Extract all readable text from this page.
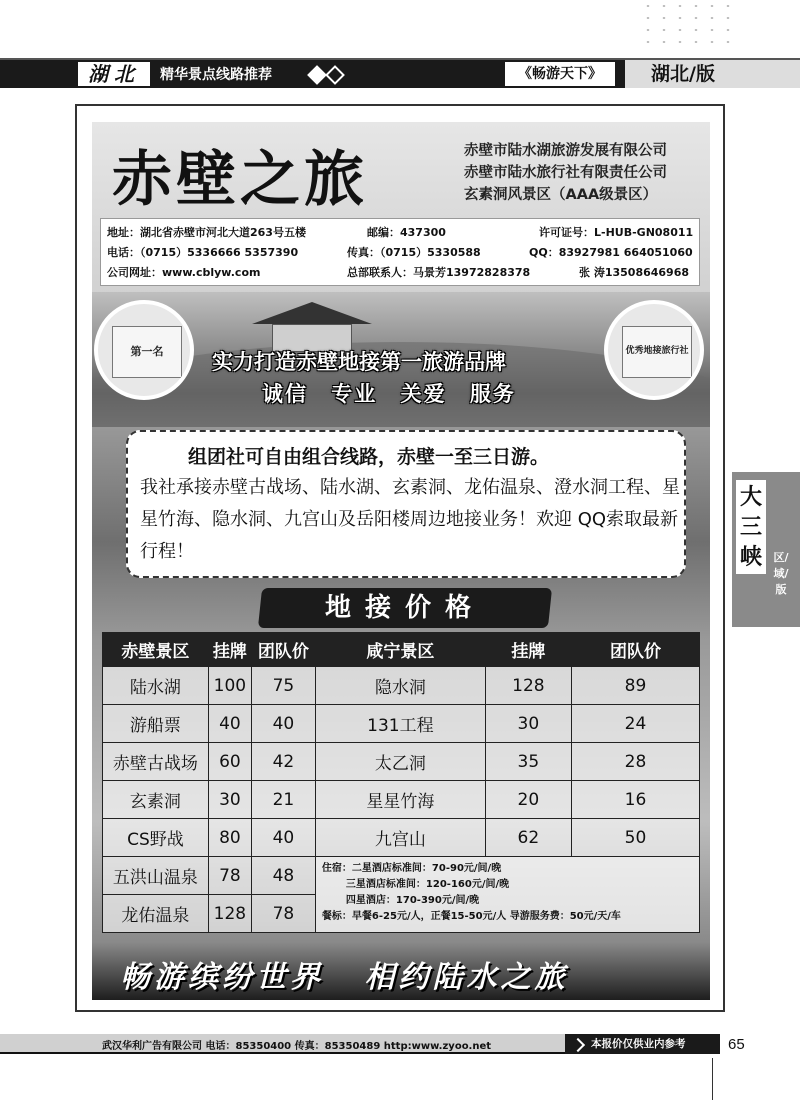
湖北	精华景点线路推荐	《畅游天下》	湖北/版
赤壁之旅	赤壁市陆水湖旅游发展有限公司
赤壁市陆水旅行社有限责任公司
玄素洞风景区（AAA级景区）
地址：湖北省赤壁市河北大道263号五楼	邮编：437300	许可证号：L-HUB-GN08011
电话：（0715）5336666 5357390	传真：（0715）5330588	QQ：83927981 664051060
公司网址：www.cblyw.com	总部联系人：马景芳13972828378	张 涛13508646968
第一名	优秀地接旅行社
实力打造赤壁地接第一旅游品牌
诚信 专业 关爱 服务
组团社可自由组合线路，赤壁一至三日游。
我社承接赤壁古战场、陆水湖、玄素洞、龙佑温泉、澄水洞工程、星星竹海、隐水洞、九宫山及岳阳楼周边地接业务！欢迎 QQ索取最新行程！
地接价格
赤壁景区	挂牌	团队价	咸宁景区	挂牌	团队价
陆水湖	100	75	隐水洞	128	89
游船票	40	40	131工程	30	24
赤壁古战场	60	42	太乙洞	35	28
玄素洞	30	21	星星竹海	20	16
CS野战	80	40	九宫山	62	50
五洪山温泉	78	48	住宿：二星酒店标准间：70-90元/间/晚
三星酒店标准间：120-160元/间/晚
四星酒店：170-390元/间/晚
餐标：早餐6-25元/人，正餐15-50元/人 导游服务费：50元/天/车		

龙佑温泉	128	78			
畅游缤纷世界 相约陆水之旅
大三峡	区/域/版
武汉华利广告有限公司 电话：85350400 传真：85350489 http:www.zyoo.net	本报价仅供业内参考	65
